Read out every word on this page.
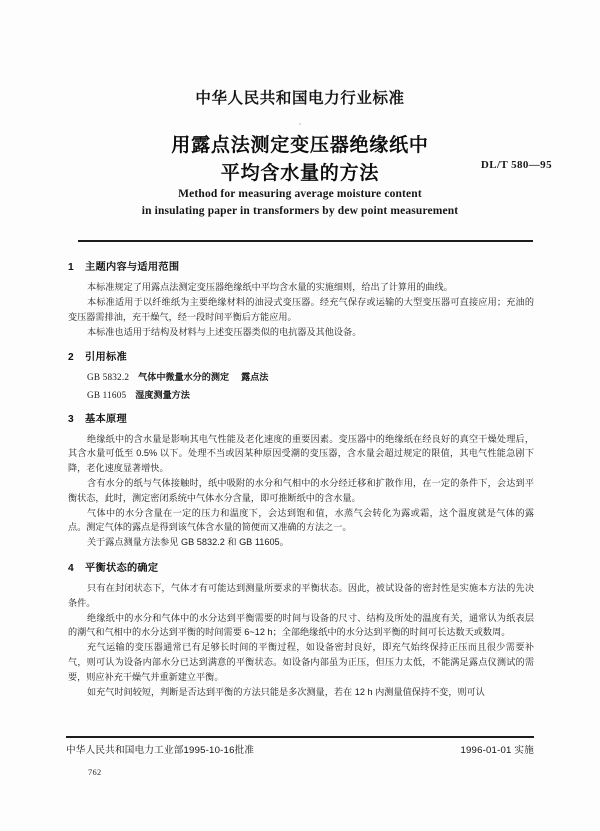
中华人民共和国电力行业标准
·
用露点法测定变压器绝缘纸中
平均含水量的方法	DL/T 580—95
Method for measuring average moisture content
in insulating paper in transformers by dew point measurement
1 主题内容与适用范围

本标准规定了用露点法测定变压器绝缘纸中平均含水量的实施细则，给出了计算用的曲线。

本标准适用于以纤维纸为主要绝缘材料的油浸式变压器。经充气保存或运输的大型变压器可直接应用；充油的变压器需排油，充干燥气，经一段时间平衡后方能应用。

本标准也适用于结构及材料与上述变压器类似的电抗器及其他设备。

2 引用标准
GB 5832.2 气体中微量水分的测定 露点法
GB 11605 湿度测量方法
3 基本原理

绝缘纸中的含水量是影响其电气性能及老化速度的重要因素。变压器中的绝缘纸在经良好的真空干燥处理后，其含水量可低至 0.5% 以下。处理不当或因某种原因受潮的变压器，含水量会超过规定的限值，其电气性能急剧下降，老化速度显著增快。

含有水分的纸与气体接触时，纸中吸附的水分和气相中的水分经迁移和扩散作用，在一定的条件下，会达到平衡状态，此时，测定密闭系统中气体水分含量，即可推断纸中的含水量。

气体中的水分含量在一定的压力和温度下，会达到饱和值，水蒸气会转化为露或霜，这个温度就是气体的露点。测定气体的露点是得到该气体含水量的简便而又准确的方法之一。

关于露点测量方法参见 GB 5832.2 和 GB 11605。

4 平衡状态的确定

只有在封闭状态下，气体才有可能达到测量所要求的平衡状态。因此，被试设备的密封性是实施本方法的先决条件。

绝缘纸中的水分和气体中的水分达到平衡需要的时间与设备的尺寸、结构及所处的温度有关，通常认为纸表层的潮气和气相中的水分达到平衡的时间需要 6~12 h；全部绝缘纸中的水分达到平衡的时间可长达数天或数周。

充气运输的变压器通常已有足够长时间的平衡过程，如设备密封良好，即充气始终保持正压而且很少需要补气，则可认为设备内部水分已达到满意的平衡状态。如设备内部虽为正压，但压力太低，不能满足露点仪测试的需要，则应补充干燥气并重新建立平衡。

如充气时间较短，判断是否达到平衡的方法只能是多次测量，若在 12 h 内测量值保持不变，则可认

中华人民共和国电力工业部1995-10-16批准	1996-01-01 实施
762
